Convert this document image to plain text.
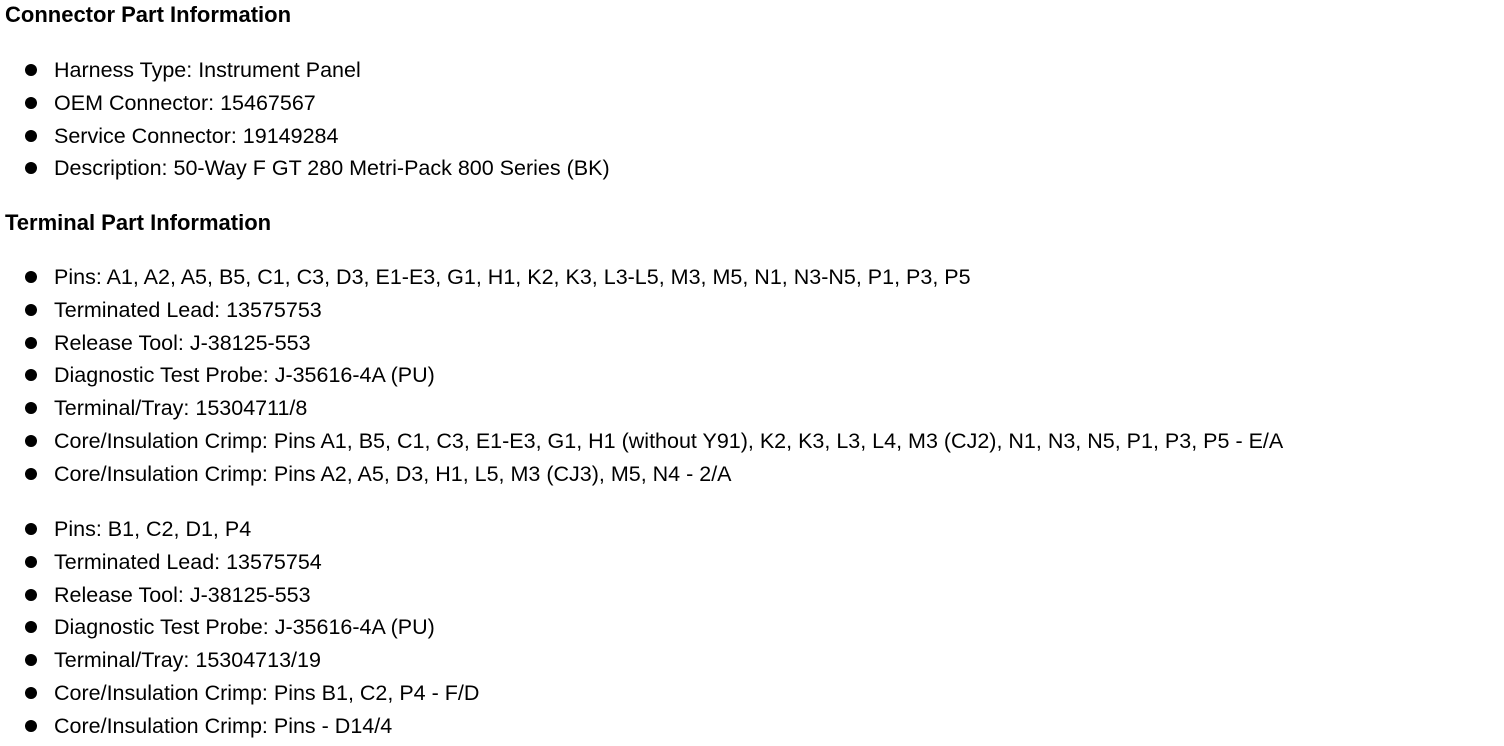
Connector Part Information
Harness Type: Instrument Panel
OEM Connector: 15467567
Service Connector: 19149284
Description: 50-Way F GT 280 Metri-Pack 800 Series (BK)
Terminal Part Information
Pins: A1, A2, A5, B5, C1, C3, D3, E1-E3, G1, H1, K2, K3, L3-L5, M3, M5, N1, N3-N5, P1, P3, P5
Terminated Lead: 13575753
Release Tool: J-38125-553
Diagnostic Test Probe: J-35616-4A (PU)
Terminal/Tray: 15304711/8
Core/Insulation Crimp: Pins A1, B5, C1, C3, E1-E3, G1, H1 (without Y91), K2, K3, L3, L4, M3 (CJ2), N1, N3, N5, P1, P3, P5 - E/A
Core/Insulation Crimp: Pins A2, A5, D3, H1, L5, M3 (CJ3), M5, N4 - 2/A
Pins: B1, C2, D1, P4
Terminated Lead: 13575754
Release Tool: J-38125-553
Diagnostic Test Probe: J-35616-4A (PU)
Terminal/Tray: 15304713/19
Core/Insulation Crimp: Pins B1, C2, P4 - F/D
Core/Insulation Crimp: Pins - D14/4
